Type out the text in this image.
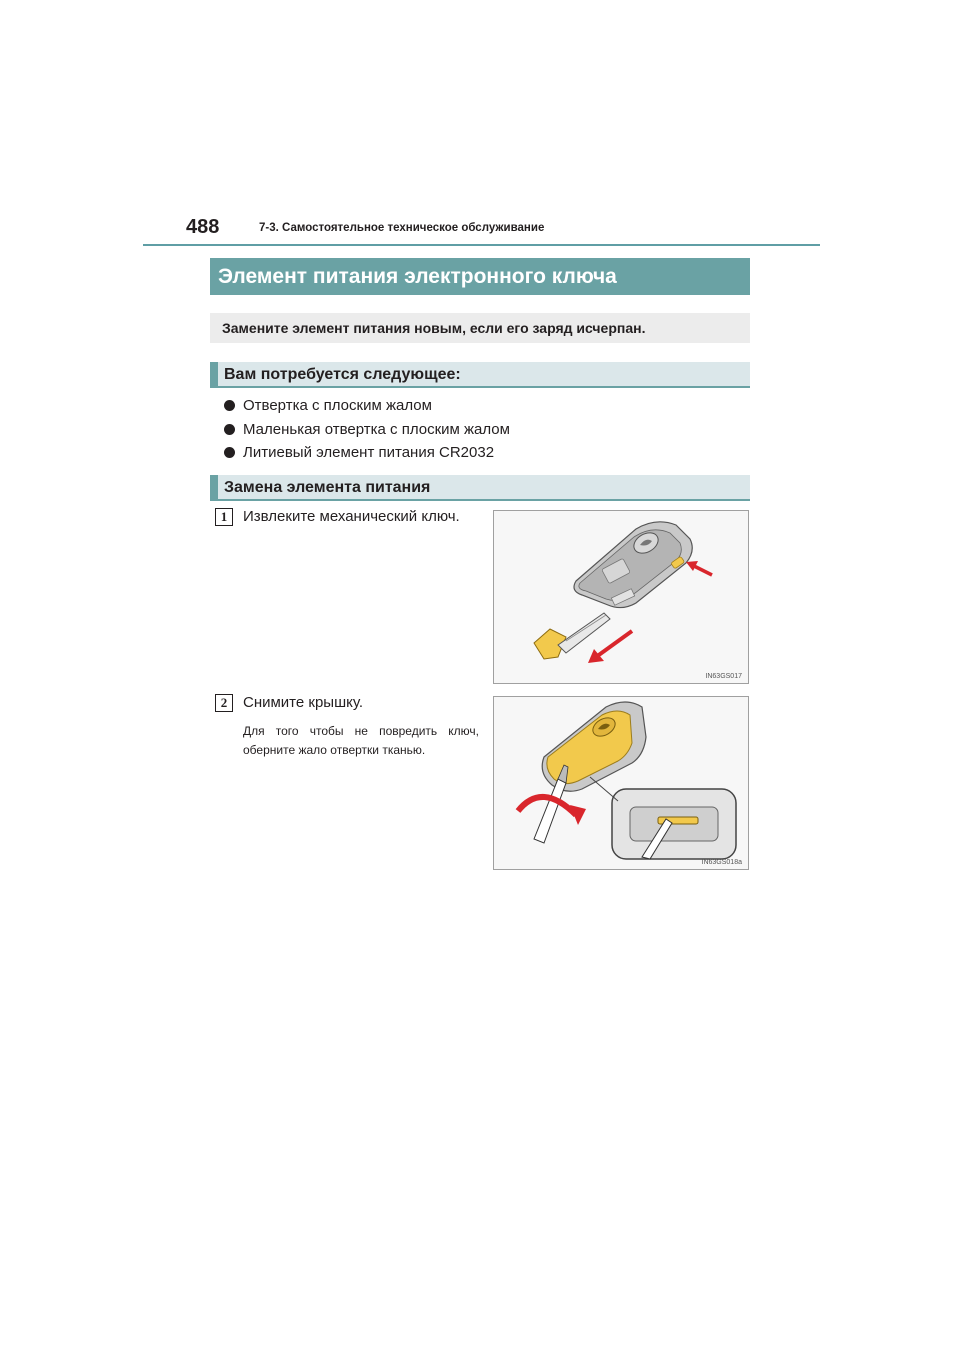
488	7-3. Самостоятельное техническое обслуживание
Элемент питания электронного ключа
Замените элемент питания новым, если его заряд исчерпан.
Вам потребуется следующее:
Отвертка с плоским жалом
Маленькая отвертка с плоским жалом
Литиевый элемент питания CR2032
Замена элемента питания
1	Извлеките механический ключ.
IN63GS017
2	Снимите крышку.
Для того чтобы не повредить ключ, оберните жало отвертки тканью.
IN63GS018a
